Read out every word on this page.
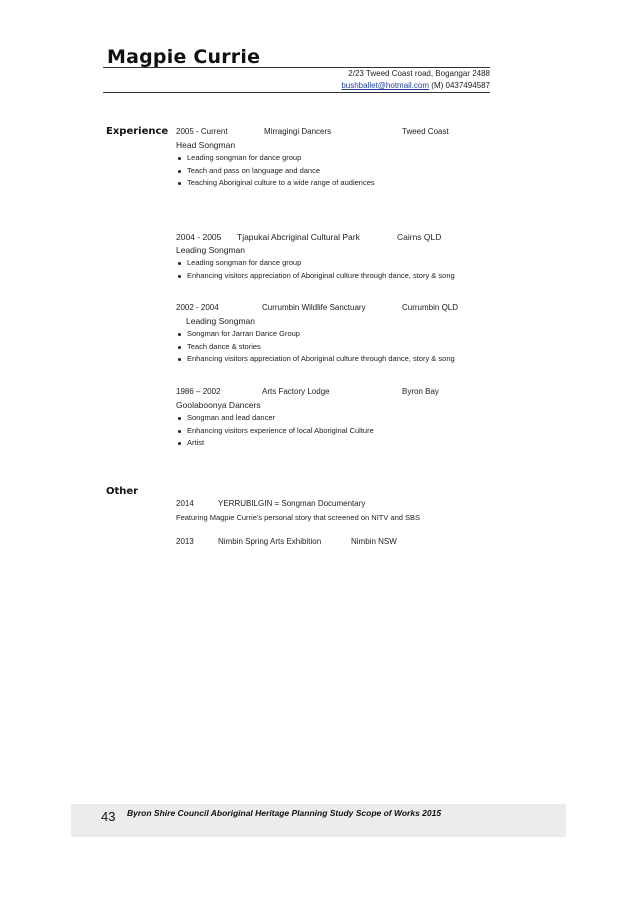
Magpie Currie
2/23 Tweed Coast road, Bogangar 2488
bushballet@hotmail.com (M) 0437494587
Experience 2005 - Current	Mirragingi Dancers	Tweed Coast
Head Songman
Leading songman for dance group
Teach and pass on language and dance
Teaching Aboriginal culture to a wide range of audiences
2004 - 2005 Tjapukai Abcriginal Cultural Park	Cairns QLD
Leading Songman
Leading songman for dance group
Enhancing visitors appreciation of Aboriginal culture through dance, story & song
2002 - 2004	Currumbin Wildlife Sanctuary	Currumbin QLD
Leading Songman
Songman for Jarran Dance Group
Teach dance & stories
Enhancing visitors appreciation of Aboriginal culture through dance, story & song
1986 – 2002	Arts Factory Lodge	Byron Bay
Goolaboonya Dancers
Songman and lead dancer
Enhancing visitors experience of local Aboriginal Culture
Artist
Other
2014	YERRUBILGIN = Songman Documentary
Featuring Magpie Currie's personal story that screened on NITV and SBS
2013	Nimbin Spring Arts Exhibition	Nimbin NSW
43 Byron Shire Council Aboriginal Heritage Planning Study Scope of Works 2015
